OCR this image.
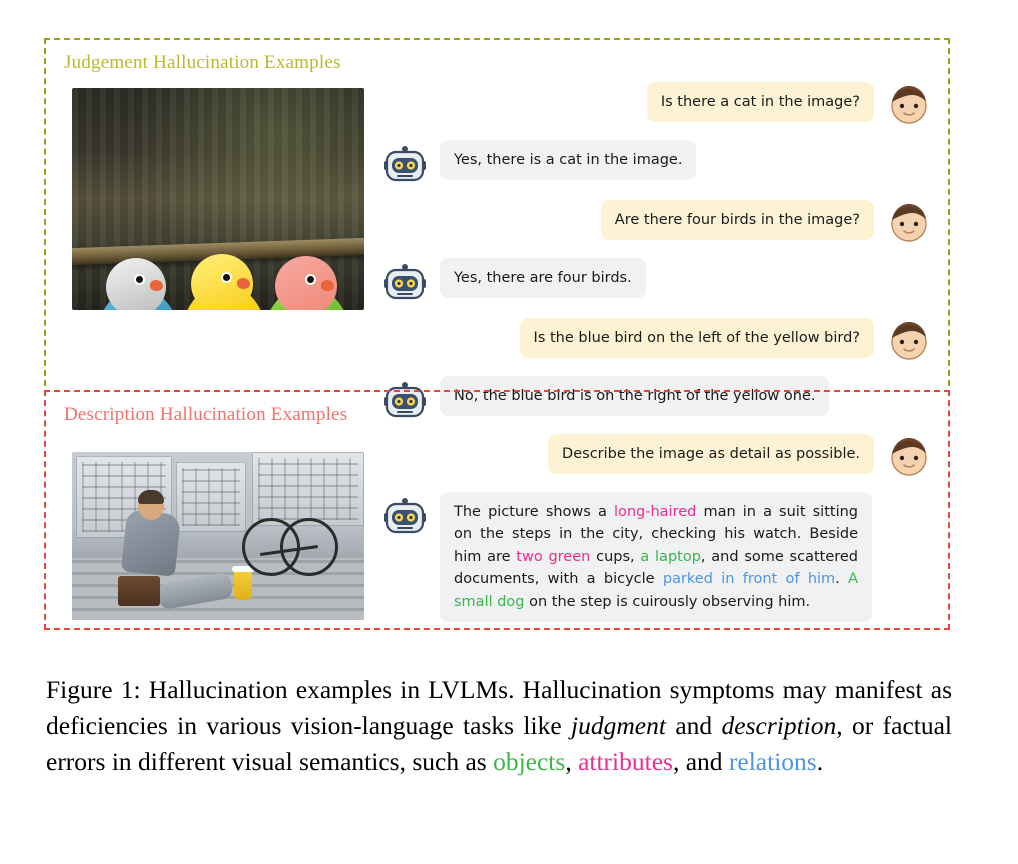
Judgement Hallucination Examples
Is there a cat in the image?
Yes, there is a cat in the image.
Are there four birds in the image?
Yes, there are four birds.
Is the blue bird on the left of the yellow bird?
No, the blue bird is on the right of the yellow one.
Description Hallucination Examples
Describe the image as detail as possible.
The picture shows a long-haired man in a suit sitting on the steps in the city, checking his watch. Beside him are two green cups, a laptop, and some scattered documents, with a bicycle parked in front of him. A small dog on the step is cuirously observing him.
Figure 1: Hallucination examples in LVLMs. Hallucination symptoms may manifest as deficiencies in various vision-language tasks like judgment and description, or factual errors in different visual semantics, such as objects, attributes, and relations.
